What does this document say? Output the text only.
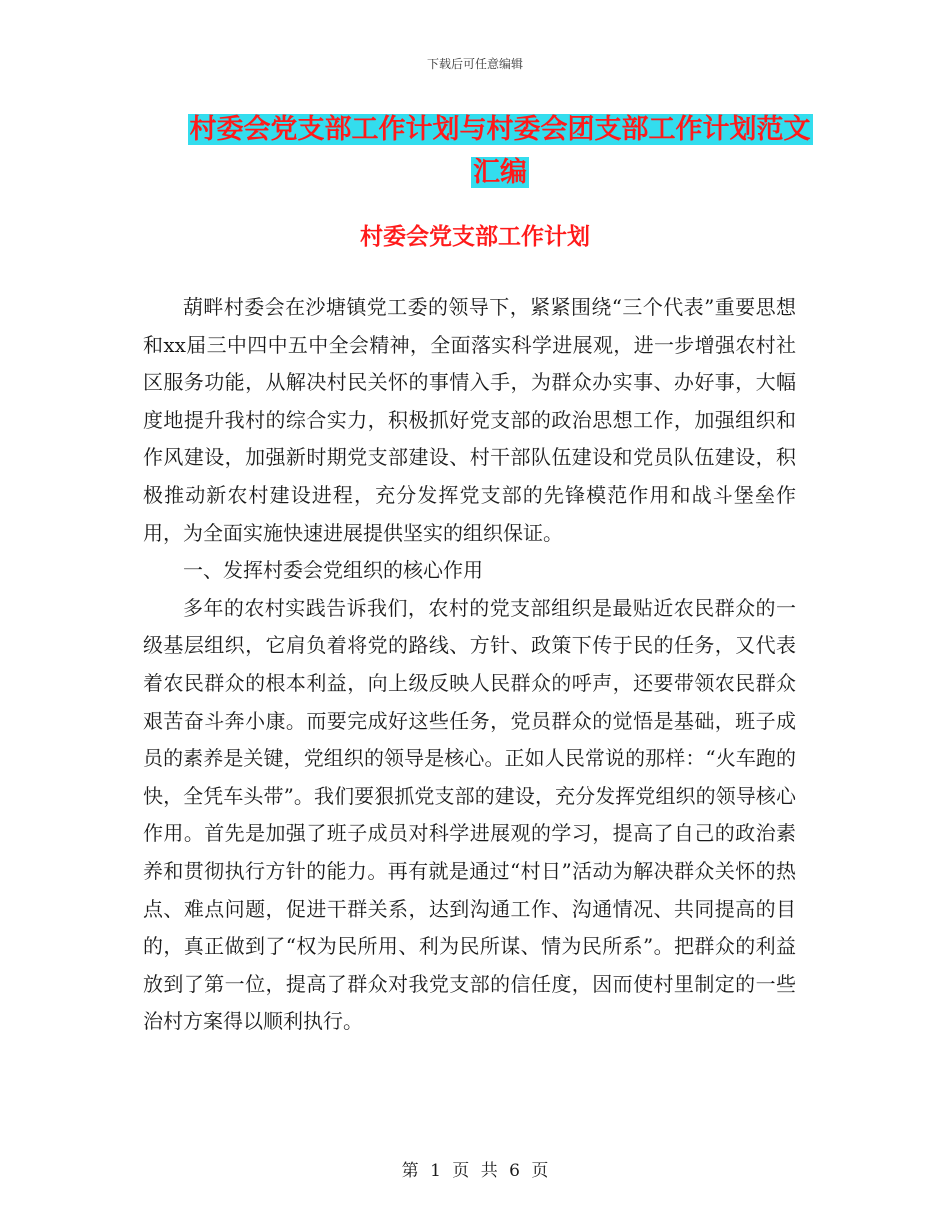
下载后可任意编辑
村委会党支部工作计划与村委会团支部工作计划范文
汇编
村委会党支部工作计划

葫畔村委会在沙塘镇党工委的领导下，紧紧围绕“三个代表”重要思想和xx届三中四中五中全会精神，全面落实科学进展观，进一步增强农村社区服务功能，从解决村民关怀的事情入手，为群众办实事、办好事，大幅度地提升我村的综合实力，积极抓好党支部的政治思想工作，加强组织和作风建设，加强新时期党支部建设、村干部队伍建设和党员队伍建设，积极推动新农村建设进程，充分发挥党支部的先锋模范作用和战斗堡垒作用，为全面实施快速进展提供坚实的组织保证。

一、发挥村委会党组织的核心作用

多年的农村实践告诉我们，农村的党支部组织是最贴近农民群众的一级基层组织，它肩负着将党的路线、方针、政策下传于民的任务，又代表着农民群众的根本利益，向上级反映人民群众的呼声，还要带领农民群众艰苦奋斗奔小康。而要完成好这些任务，党员群众的觉悟是基础，班子成员的素养是关键，党组织的领导是核心。正如人民常说的那样：“火车跑的快，全凭车头带”。我们要狠抓党支部的建设，充分发挥党组织的领导核心作用。首先是加强了班子成员对科学进展观的学习，提高了自己的政治素养和贯彻执行方针的能力。再有就是通过“村日”活动为解决群众关怀的热点、难点问题，促进干群关系，达到沟通工作、沟通情况、共同提高的目的，真正做到了“权为民所用、利为民所谋、情为民所系”。把群众的利益放到了第一位，提高了群众对我党支部的信任度，因而使村里制定的一些治村方案得以顺利执行。

第 1 页 共 6 页
